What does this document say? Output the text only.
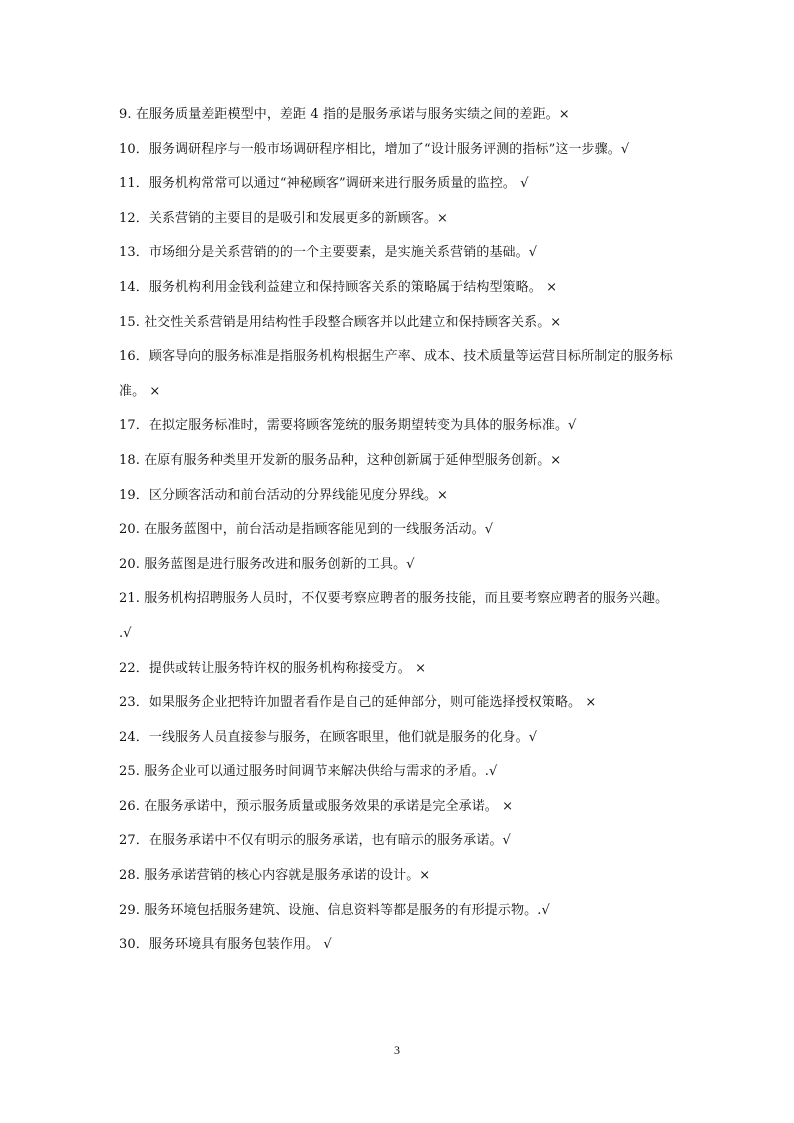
9. 在服务质量差距模型中，差距 4 指的是服务承诺与服务实绩之间的差距。×
10．服务调研程序与一般市场调研程序相比，增加了“设计服务评测的指标”这一步骤。√
11．服务机构常常可以通过“神秘顾客”调研来进行服务质量的监控。 √
12．关系营销的主要目的是吸引和发展更多的新顾客。×
13．市场细分是关系营销的的一个主要要素，是实施关系营销的基础。√
14．服务机构利用金钱利益建立和保持顾客关系的策略属于结构型策略。 ×
15. 社交性关系营销是用结构性手段整合顾客并以此建立和保持顾客关系。×
16．顾客导向的服务标准是指服务机构根据生产率、成本、技术质量等运营目标所制定的服务标
准。 ×
17．在拟定服务标准时，需要将顾客笼统的服务期望转变为具体的服务标准。√
18. 在原有服务种类里开发新的服务品种，这种创新属于延伸型服务创新。×
19．区分顾客活动和前台活动的分界线能见度分界线。×
20. 在服务蓝图中，前台活动是指顾客能见到的一线服务活动。√
20. 服务蓝图是进行服务改进和服务创新的工具。√
21. 服务机构招聘服务人员时，不仅要考察应聘者的服务技能，而且要考察应聘者的服务兴趣。
.√
22．提供或转让服务特许权的服务机构称接受方。 ×
23．如果服务企业把特许加盟者看作是自己的延伸部分，则可能选择授权策略。 ×
24．一线服务人员直接参与服务，在顾客眼里，他们就是服务的化身。√
25. 服务企业可以通过服务时间调节来解决供给与需求的矛盾。.√
26. 在服务承诺中，预示服务质量或服务效果的承诺是完全承诺。 ×
27．在服务承诺中不仅有明示的服务承诺，也有暗示的服务承诺。√
28. 服务承诺营销的核心内容就是服务承诺的设计。×
29. 服务环境包括服务建筑、设施、信息资料等都是服务的有形提示物。.√
30．服务环境具有服务包装作用。 √
3
